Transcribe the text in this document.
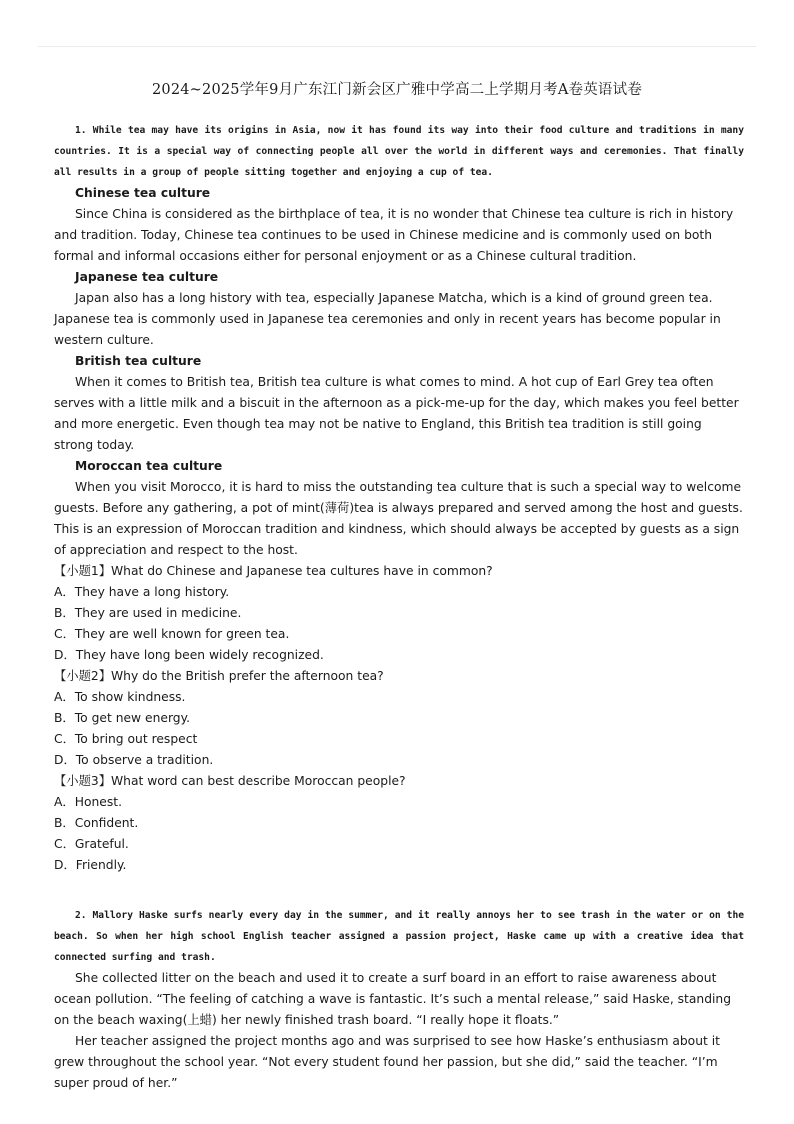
2024~2025学年9月广东江门新会区广雅中学高二上学期月考A卷英语试卷

1. While tea may have its origins in Asia, now it has found its way into their food culture and traditions in many countries. It is a special way of connecting people all over the world in different ways and ceremonies. That finally all results in a group of people sitting together and enjoying a cup of tea.

Chinese tea culture

Since China is considered as the birthplace of tea, it is no wonder that Chinese tea culture is rich in history and tradition. Today, Chinese tea continues to be used in Chinese medicine and is commonly used on both formal and informal occasions either for personal enjoyment or as a Chinese cultural tradition.

Japanese tea culture

Japan also has a long history with tea, especially Japanese Matcha, which is a kind of ground green tea. Japanese tea is commonly used in Japanese tea ceremonies and only in recent years has become popular in western culture.

British tea culture

When it comes to British tea, British tea culture is what comes to mind. A hot cup of Earl Grey tea often serves with a little milk and a biscuit in the afternoon as a pick-me-up for the day, which makes you feel better and more energetic. Even though tea may not be native to England, this British tea tradition is still going strong today.

Moroccan tea culture

When you visit Morocco, it is hard to miss the outstanding tea culture that is such a special way to welcome guests. Before any gathering, a pot of mint(薄荷)tea is always prepared and served among the host and guests. This is an expression of Moroccan tradition and kindness, which should always be accepted by guests as a sign of appreciation and respect to the host.

【小题1】What do Chinese and Japanese tea cultures have in common?

A．They have a long history.

B．They are used in medicine.

C．They are well known for green tea.

D．They have long been widely recognized.

【小题2】Why do the British prefer the afternoon tea?

A．To show kindness.

B．To get new energy.

C．To bring out respect

D．To observe a tradition.

【小题3】What word can best describe Moroccan people?

A．Honest.

B．Confident.

C．Grateful.

D．Friendly.

2. Mallory Haske surfs nearly every day in the summer, and it really annoys her to see trash in the water or on the beach. So when her high school English teacher assigned a passion project, Haske came up with a creative idea that connected surfing and trash.

She collected litter on the beach and used it to create a surf board in an effort to raise awareness about ocean pollution. “The feeling of catching a wave is fantastic. It’s such a mental release,” said Haske, standing on the beach waxing(上蜡) her newly finished trash board. “I really hope it floats.”

Her teacher assigned the project months ago and was surprised to see how Haske’s enthusiasm about it grew throughout the school year. “Not every student found her passion, but she did,” said the teacher. “I’m super proud of her.”
